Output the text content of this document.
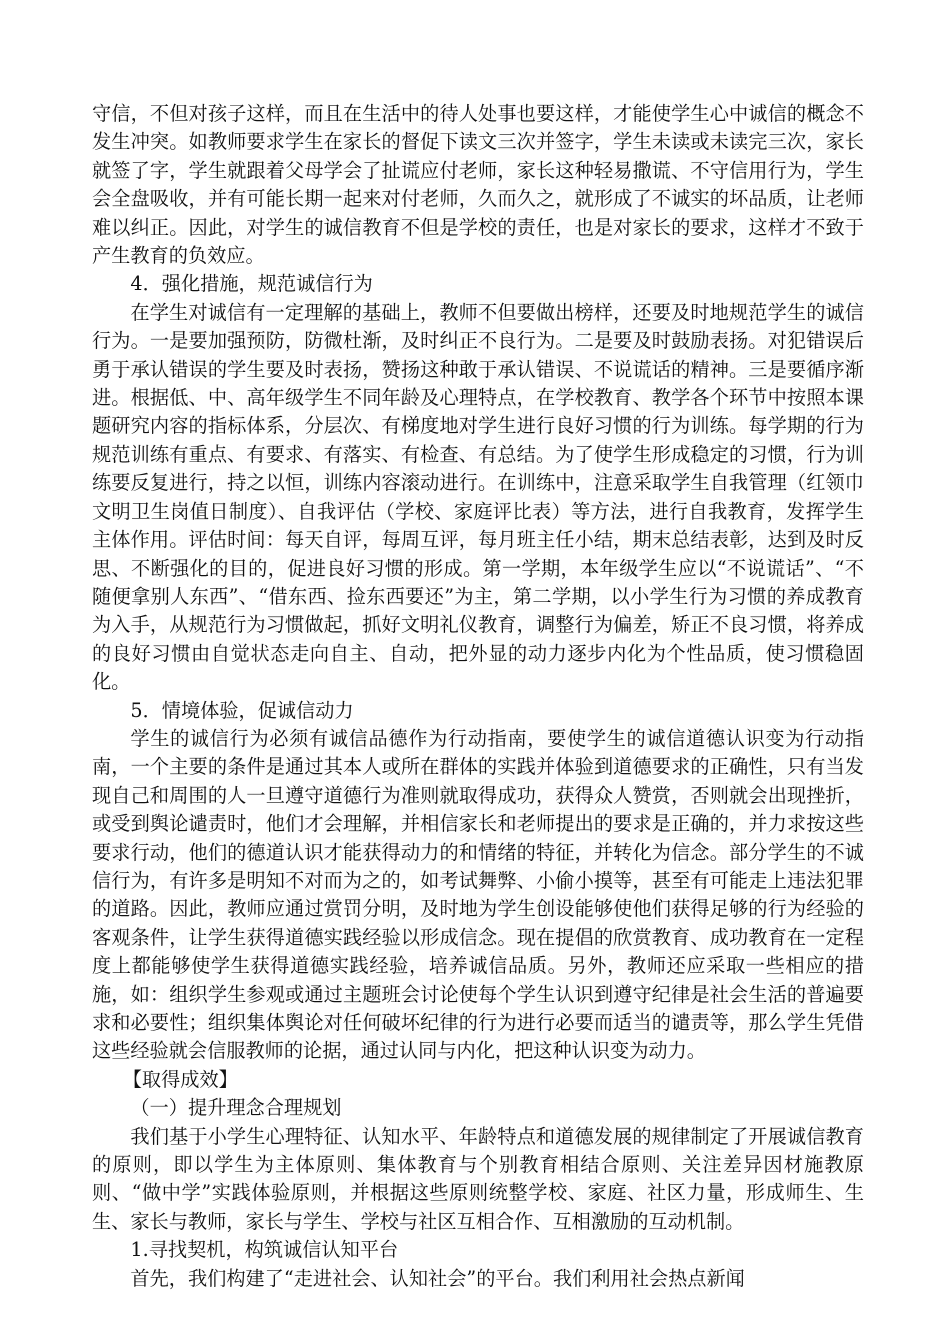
守信，不但对孩子这样，而且在生活中的待人处事也要这样，才能使学生心中诚信的概念不发生冲突。如教师要求学生在家长的督促下读文三次并签字，学生未读或未读完三次，家长就签了字，学生就跟着父母学会了扯谎应付老师，家长这种轻易撒谎、不守信用行为，学生会全盘吸收，并有可能长期一起来对付老师，久而久之，就形成了不诚实的坏品质，让老师难以纠正。因此，对学生的诚信教育不但是学校的责任，也是对家长的要求，这样才不致于产生教育的负效应。

4．强化措施，规范诚信行为

在学生对诚信有一定理解的基础上，教师不但要做出榜样，还要及时地规范学生的诚信行为。一是要加强预防，防微杜渐，及时纠正不良行为。二是要及时鼓励表扬。对犯错误后勇于承认错误的学生要及时表扬，赞扬这种敢于承认错误、不说谎话的精神。三是要循序渐进。根据低、中、高年级学生不同年龄及心理特点，在学校教育、教学各个环节中按照本课题研究内容的指标体系，分层次、有梯度地对学生进行良好习惯的行为训练。每学期的行为规范训练有重点、有要求、有落实、有检查、有总结。为了使学生形成稳定的习惯，行为训练要反复进行，持之以恒，训练内容滚动进行。在训练中，注意采取学生自我管理（红领巾文明卫生岗值日制度）、自我评估（学校、家庭评比表）等方法，进行自我教育，发挥学生主体作用。评估时间：每天自评，每周互评，每月班主任小结，期末总结表彰，达到及时反思、不断强化的目的，促进良好习惯的形成。第一学期，本年级学生应以“不说谎话”、“不随便拿别人东西”、“借东西、捡东西要还”为主，第二学期，以小学生行为习惯的养成教育为入手，从规范行为习惯做起，抓好文明礼仪教育，调整行为偏差，矫正不良习惯，将养成的良好习惯由自觉状态走向自主、自动，把外显的动力逐步内化为个性品质，使习惯稳固化。

5．情境体验，促诚信动力

学生的诚信行为必须有诚信品德作为行动指南，要使学生的诚信道德认识变为行动指南，一个主要的条件是通过其本人或所在群体的实践并体验到道德要求的正确性，只有当发现自己和周围的人一旦遵守道德行为准则就取得成功，获得众人赞赏，否则就会出现挫折，或受到舆论谴责时，他们才会理解，并相信家长和老师提出的要求是正确的，并力求按这些要求行动，他们的德道认识才能获得动力的和情绪的特征，并转化为信念。部分学生的不诚信行为，有许多是明知不对而为之的，如考试舞弊、小偷小摸等，甚至有可能走上违法犯罪的道路。因此，教师应通过赏罚分明，及时地为学生创设能够使他们获得足够的行为经验的客观条件，让学生获得道德实践经验以形成信念。现在提倡的欣赏教育、成功教育在一定程度上都能够使学生获得道德实践经验，培养诚信品质。另外，教师还应采取一些相应的措施，如：组织学生参观或通过主题班会讨论使每个学生认识到遵守纪律是社会生活的普遍要求和必要性；组织集体舆论对任何破坏纪律的行为进行必要而适当的谴责等，那么学生凭借这些经验就会信服教师的论据，通过认同与内化，把这种认识变为动力。

【取得成效】

（一）提升理念合理规划

我们基于小学生心理特征、认知水平、年龄特点和道德发展的规律制定了开展诚信教育的原则，即以学生为主体原则、集体教育与个别教育相结合原则、关注差异因材施教原则、“做中学”实践体验原则，并根据这些原则统整学校、家庭、社区力量，形成师生、生生、家长与教师，家长与学生、学校与社区互相合作、互相激励的互动机制。

1.寻找契机，构筑诚信认知平台

首先，我们构建了“走进社会、认知社会”的平台。我们利用社会热点新闻
